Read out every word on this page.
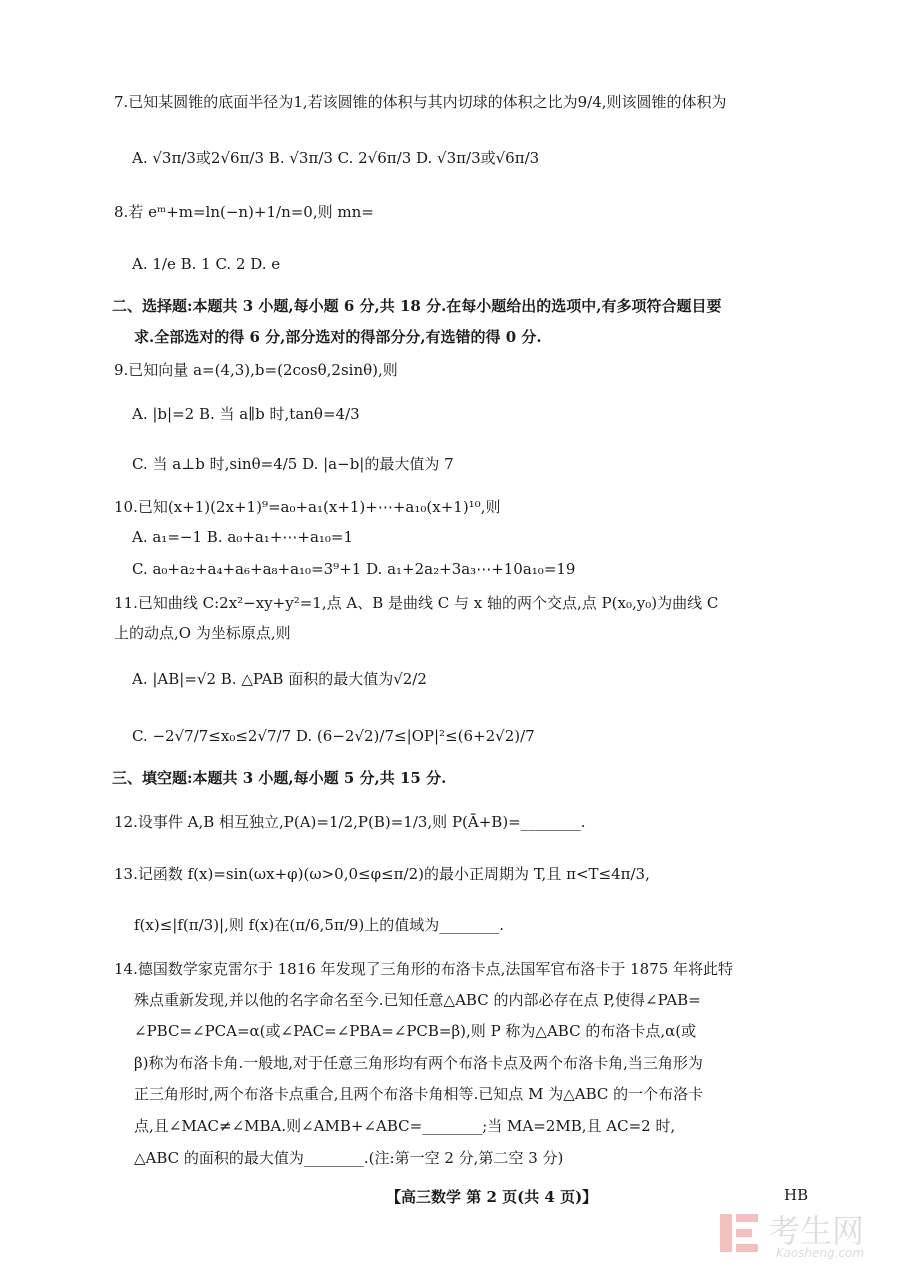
7.已知某圆锥的底面半径为1,若该圆锥的体积与其内切球的体积之比为9/4,则该圆锥的体积为
A. √3π/3或2√6π/3 B. √3π/3 C. 2√6π/3 D. √3π/3或√6π/3
8.若 eᵐ+m=ln(−n)+1/n=0,则 mn=
A. 1/e B. 1 C. 2 D. e
二、选择题:本题共 3 小题,每小题 6 分,共 18 分.在每小题给出的选项中,有多项符合题目要
求.全部选对的得 6 分,部分选对的得部分分,有选错的得 0 分.
9.已知向量 a=(4,3),b=(2cosθ,2sinθ),则
A. |b|=2 B. 当 a∥b 时,tanθ=4/3
C. 当 a⊥b 时,sinθ=4/5 D. |a−b|的最大值为 7
10.已知(x+1)(2x+1)⁹=a₀+a₁(x+1)+⋯+a₁₀(x+1)¹⁰,则
A. a₁=−1 B. a₀+a₁+⋯+a₁₀=1
C. a₀+a₂+a₄+a₆+a₈+a₁₀=3⁹+1 D. a₁+2a₂+3a₃⋯+10a₁₀=19
11.已知曲线 C:2x²−xy+y²=1,点 A、B 是曲线 C 与 x 轴的两个交点,点 P(x₀,y₀)为曲线 C
上的动点,O 为坐标原点,则
A. |AB|=√2 B. △PAB 面积的最大值为√2/2
C. −2√7/7≤x₀≤2√7/7 D. (6−2√2)/7≤|OP|²≤(6+2√2)/7
三、填空题:本题共 3 小题,每小题 5 分,共 15 分.
12.设事件 A,B 相互独立,P(A)=1/2,P(B)=1/3,则 P(Ā+B)=________.
13.记函数 f(x)=sin(ωx+φ)(ω>0,0≤φ≤π/2)的最小正周期为 T,且 π<T≤4π/3,
f(x)≤|f(π/3)|,则 f(x)在(π/6,5π/9)上的值域为________.
14.德国数学家克雷尔于 1816 年发现了三角形的布洛卡点,法国军官布洛卡于 1875 年将此特
殊点重新发现,并以他的名字命名至今.已知任意△ABC 的内部必存在点 P,使得∠PAB=
∠PBC=∠PCA=α(或∠PAC=∠PBA=∠PCB=β),则 P 称为△ABC 的布洛卡点,α(或
β)称为布洛卡角.一般地,对于任意三角形均有两个布洛卡点及两个布洛卡角,当三角形为
正三角形时,两个布洛卡点重合,且两个布洛卡角相等.已知点 M 为△ABC 的一个布洛卡
点,且∠MAC≠∠MBA.则∠AMB+∠ABC=________;当 MA=2MB,且 AC=2 时,
△ABC 的面积的最大值为________.(注:第一空 2 分,第二空 3 分)
【高三数学 第 2 页(共 4 页)】	HB
考生网
Kaosheng.com
